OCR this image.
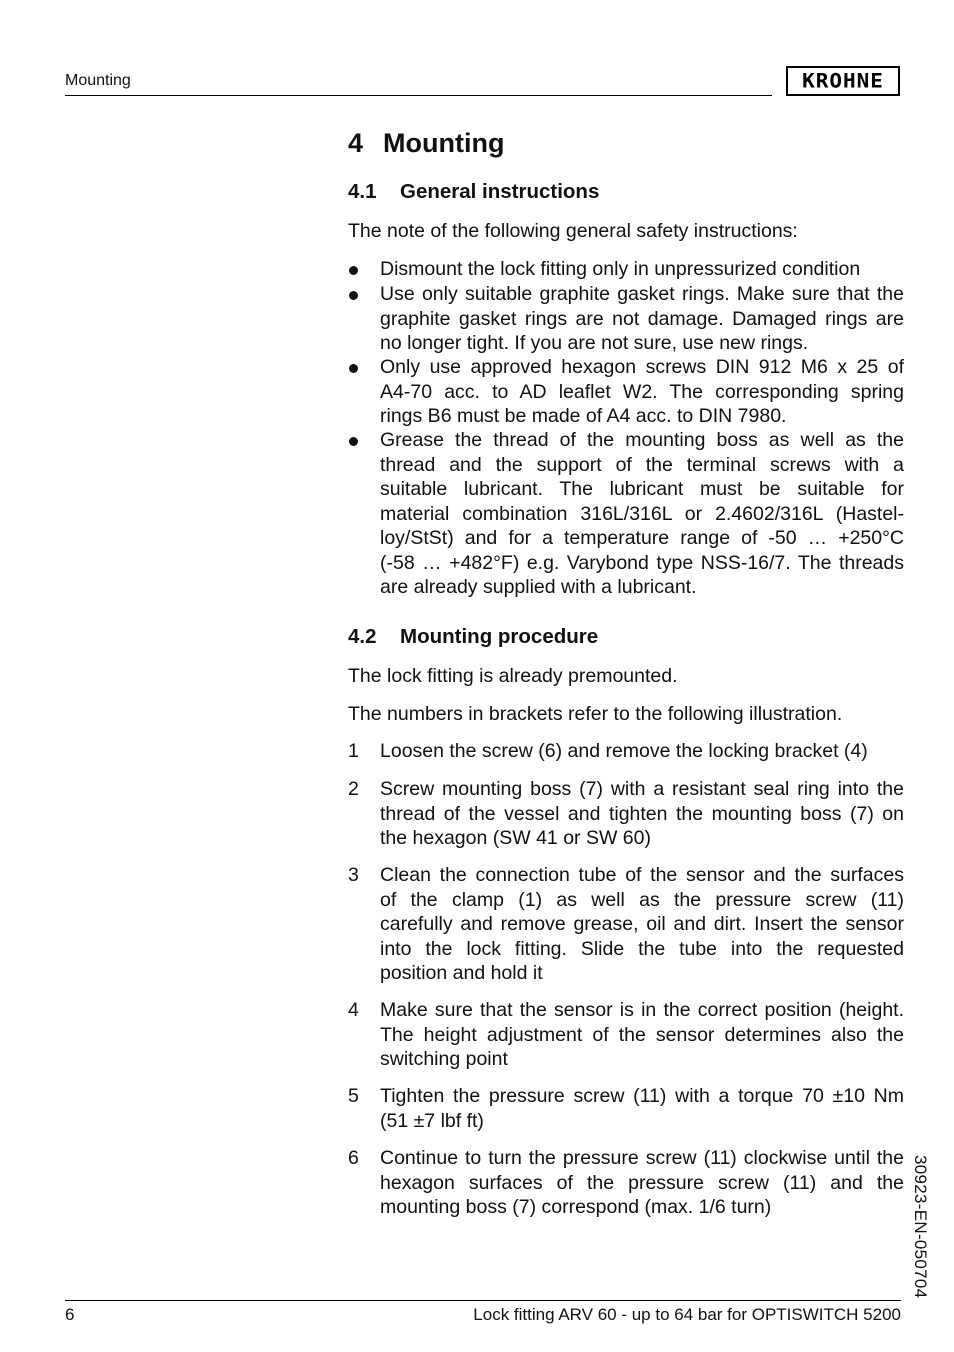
Mounting	KROHNE
4 Mounting
4.1 General instructions
The note of the following general safety instructions:
Dismount the lock fitting only in unpressurized condition
Use only suitable graphite gasket rings. Make sure that the
graphite gasket rings are not damage. Damaged rings are
no longer tight. If you are not sure, use new rings.
Only use approved hexagon screws DIN 912 M6 x 25 of
A4-70 acc. to AD leaflet W2. The corresponding spring
rings B6 must be made of A4 acc. to DIN 7980.
Grease the thread of the mounting boss as well as the
thread and the support of the terminal screws with a
suitable lubricant. The lubricant must be suitable for
material combination 316L/316L or 2.4602/316L (Hastel-
loy/StSt) and for a temperature range of -50 … +250°C
(-58 … +482°F) e.g. Varybond type NSS-16/7. The threads
are already supplied with a lubricant.
4.2 Mounting procedure
The lock fitting is already premounted.
The numbers in brackets refer to the following illustration.
1 Loosen the screw (6) and remove the locking bracket (4)
2 Screw mounting boss (7) with a resistant seal ring into the
thread of the vessel and tighten the mounting boss (7) on
the hexagon (SW 41 or SW 60)
3 Clean the connection tube of the sensor and the surfaces
of the clamp (1) as well as the pressure screw (11)
carefully and remove grease, oil and dirt. Insert the sensor
into the lock fitting. Slide the tube into the requested
position and hold it
4 Make sure that the sensor is in the correct position (height.
The height adjustment of the sensor determines also the
switching point
5 Tighten the pressure screw (11) with a torque 70 ±10 Nm
(51 ±7 lbf ft)
6 Continue to turn the pressure screw (11) clockwise until the
hexagon surfaces of the pressure screw (11) and the
mounting boss (7) correspond (max. 1/6 turn)	30923-EN-050704
6	Lock fitting ARV 60 - up to 64 bar for OPTISWITCH 5200
